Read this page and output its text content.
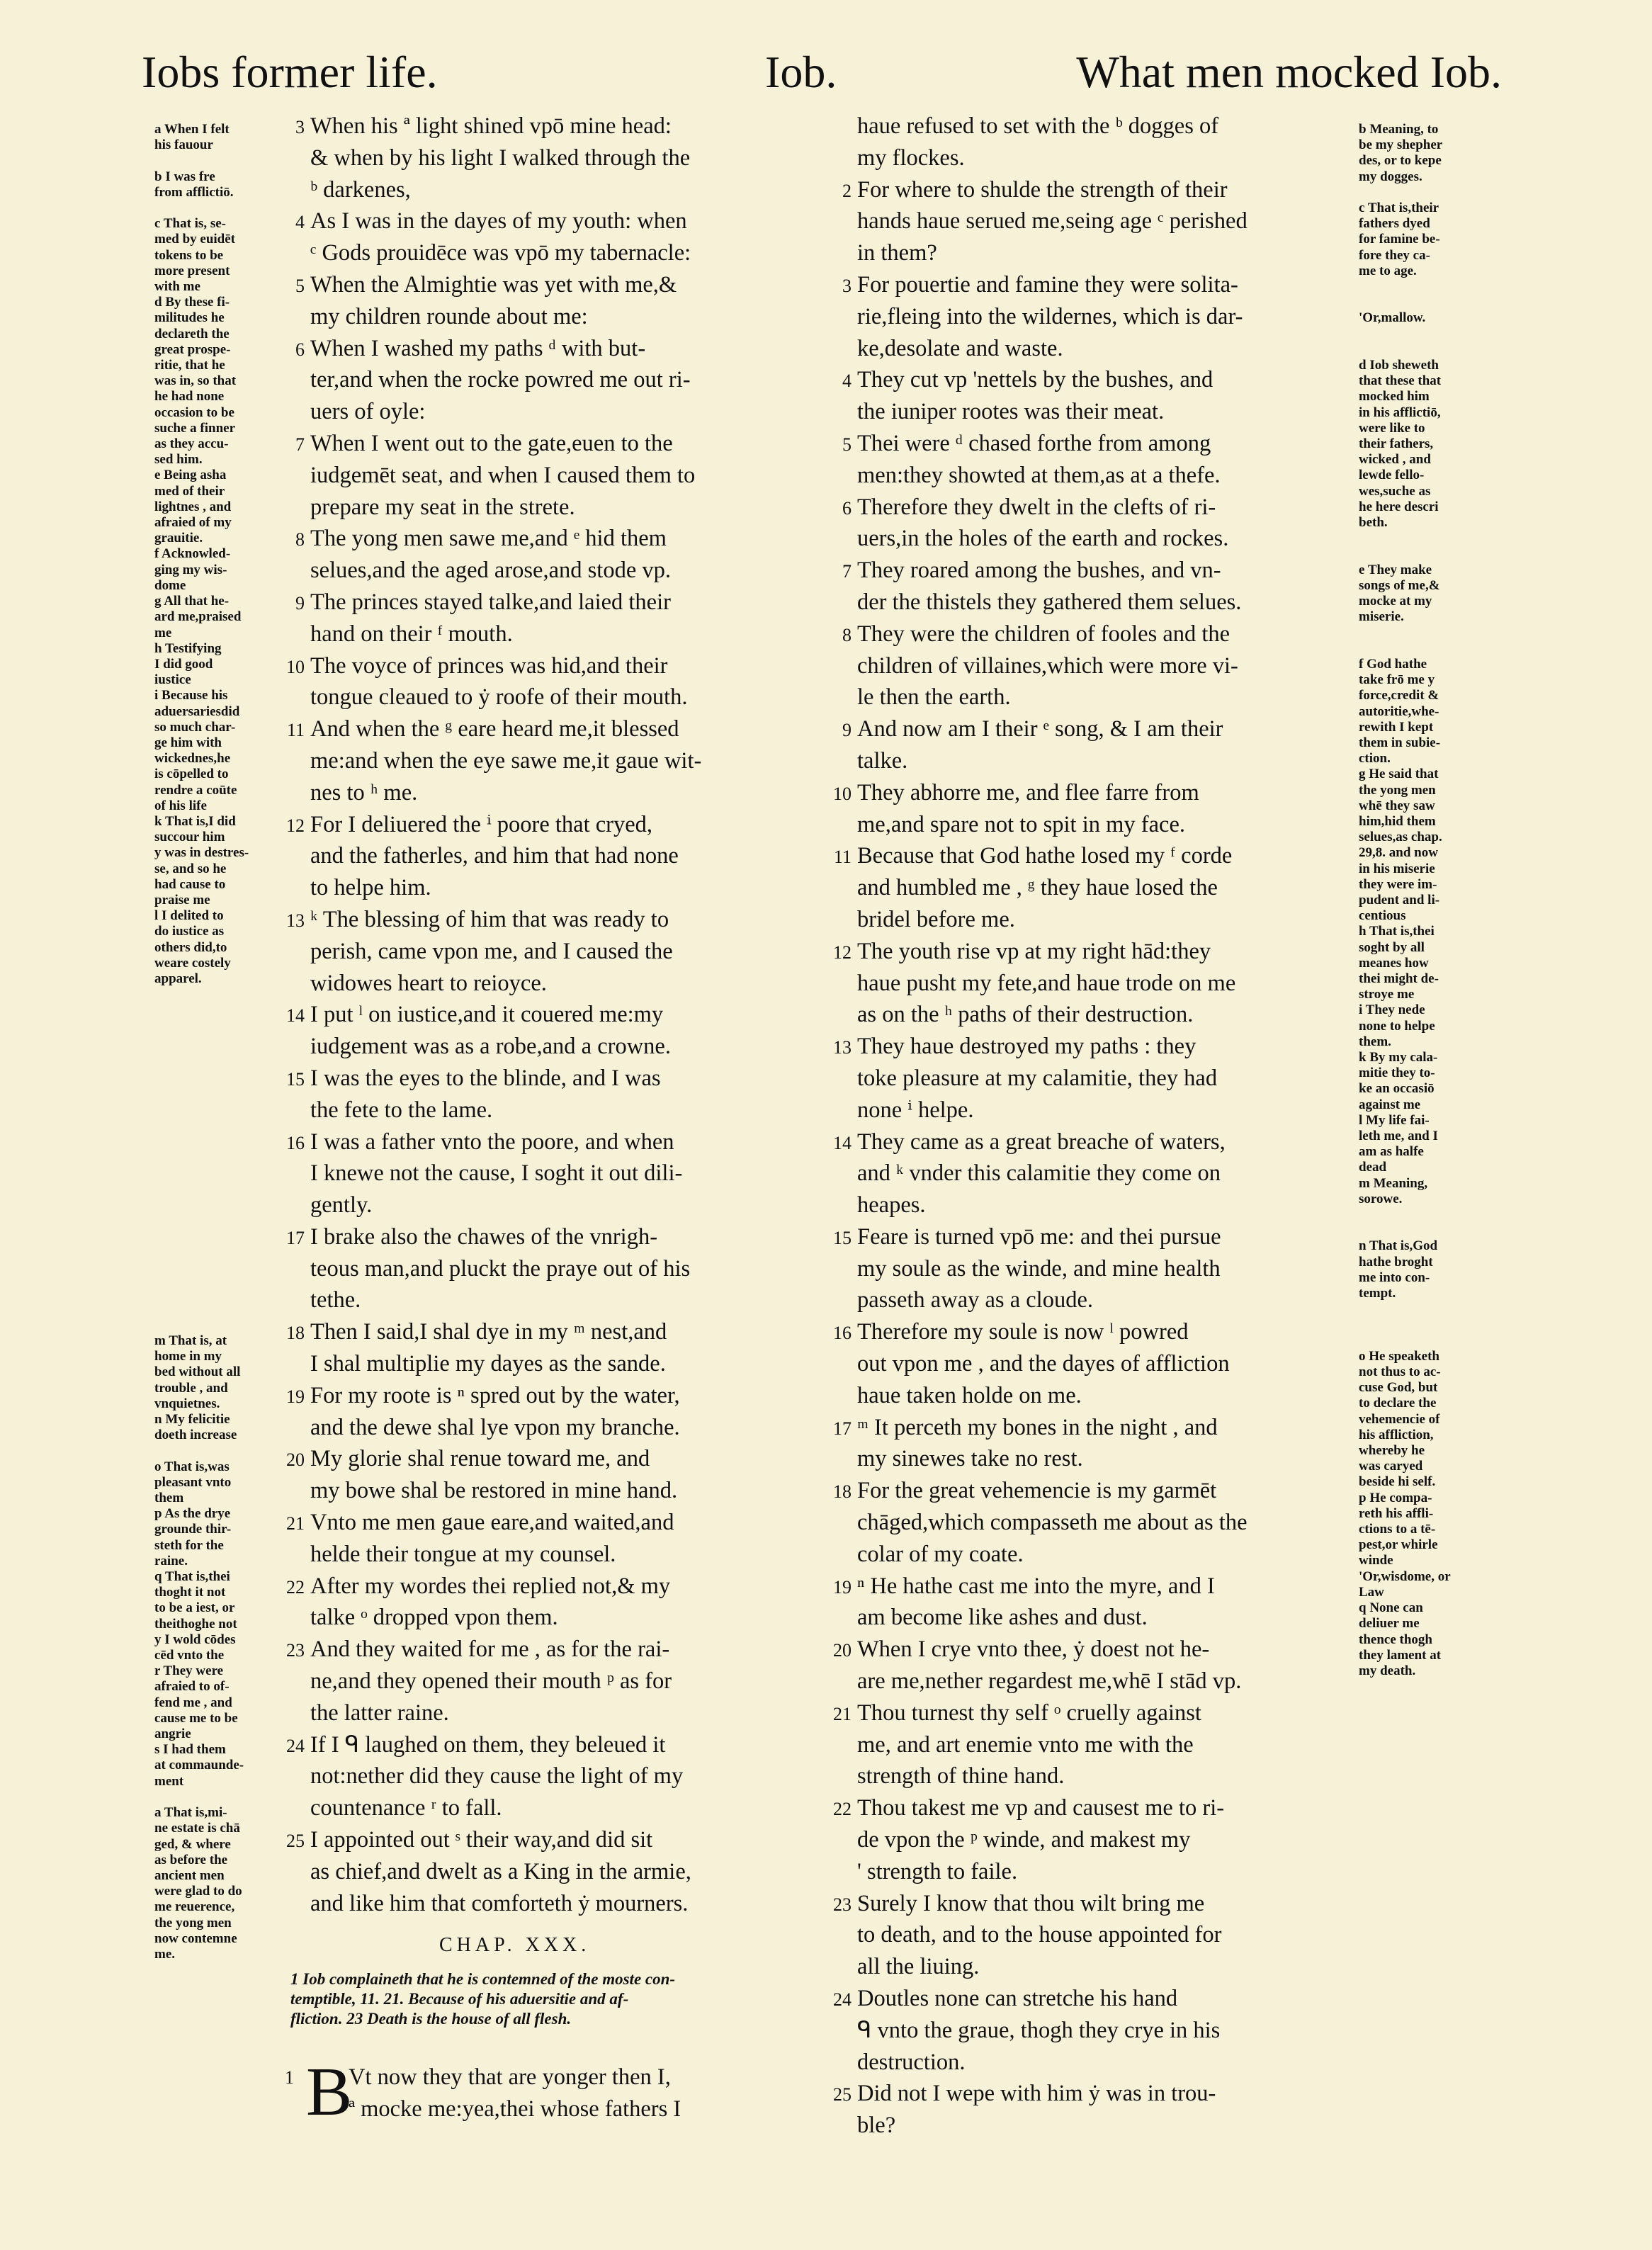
Iobs former life.	Iob.	What men mocked Iob.
a When I felt
his fauour

b I was fre
from afflictiō.

c That is, se-
med by euidēt
tokens to be
more present
with me
d By these fi-
militudes he
declareth the
great prospe-
ritie, that he
was in, so that
he had none
occasion to be
suche a finner
as they accu-
sed him.
e Being asha
med of their
lightnes , and
afraied of my
grauitie.
f Acknowled-
ging my wis-
dome
g All that he-
ard me,praised
me
h Testifying
I did good
iustice
i Because his
aduersariesdid
so much char-
ge him with
wickednes,he
is cōpelled to
rendre a coūte
of his life
k That is,I did
succour him
y was in destres-
se, and so he
had cause to
praise me
l I delited to
do iustice as
others did,to
weare costely
apparel.
m That is, at
home in my
bed without all
trouble , and
vnquietnes.
n My felicitie
doeth increase

o That is,was
pleasant vnto
them
p As the drye
grounde thir-
steth for the
raine.
q That is,thei
thoght it not
to be a iest, or
theithoghe not
y I wold cōdes
cēd vnto the
r They were
afraied to of-
fend me , and
cause me to be
angrie
s I had them
at commaunde-
ment

a That is,mi-
ne estate is chā
ged, & where
as before the
ancient men
were glad to do
me reuerence,
the yong men
now contemne
me.
3 When his ª light shined vpō mine head:
& when by his light I walked through the
ᵇ darkenes,
4 As I was in the dayes of my youth: when
ᶜ Gods prouidēce was vpō my tabernacle:
5 When the Almightie was yet with me,&
my children rounde about me:
6 When I washed my paths ᵈ with but-
ter,and when the rocke powred me out ri-
uers of oyle:
7 When I went out to the gate,euen to the
iudgemēt seat, and when I caused them to
prepare my seat in the strete.
8 The yong men sawe me,and ᵉ hid them
selues,and the aged arose,and stode vp.
9 The princes stayed talke,and laied their
hand on their ᶠ mouth.
10 The voyce of princes was hid,and their
tongue cleaued to ẏ roofe of their mouth.
11 And when the ᵍ eare heard me,it blessed
me:and when the eye sawe me,it gaue wit-
nes to ʰ me.
12 For I deliuered the ⁱ poore that cryed,
and the fatherles, and him that had none
to helpe him.
13 ᵏ The blessing of him that was ready to
perish, came vpon me, and I caused the
widowes heart to reioyce.
14 I put ˡ on iustice,and it couered me:my
iudgement was as a robe,and a crowne.
15 I was the eyes to the blinde, and I was
the fete to the lame.
16 I was a father vnto the poore, and when
I knewe not the cause, I soght it out dili-
gently.
17 I brake also the chawes of the vnrigh-
teous man,and pluckt the praye out of his
tethe.
18 Then I said,I shal dye in my ᵐ nest,and
I shal multiplie my dayes as the sande.
19 For my roote is ⁿ spred out by the water,
and the dewe shal lye vpon my branche.
20 My glorie shal renue toward me, and
my bowe shal be restored in mine hand.
21 Vnto me men gaue eare,and waited,and
helde their tongue at my counsel.
22 After my wordes thei replied not,& my
talke ᵒ dropped vpon them.
23 And they waited for me , as for the rai-
ne,and they opened their mouth ᵖ as for
the latter raine.
24 If I ᑫ laughed on them, they beleued it
not:nether did they cause the light of my
countenance ʳ to fall.
25 I appointed out ˢ their way,and did sit
as chief,and dwelt as a King in the armie,
and like him that comforteth ẏ mourners.
haue refused to set with the ᵇ dogges of
my flockes.
2 For where to shulde the strength of their
hands haue serued me,seing age ᶜ perished
in them?
3 For pouertie and famine they were solita-
rie,fleing into the wildernes, which is dar-
ke,desolate and waste.
4 They cut vp 'nettels by the bushes, and
the iuniper rootes was their meat.
5 Thei were ᵈ chased forthe from among
men:they showted at them,as at a thefe.
6 Therefore they dwelt in the clefts of ri-
uers,in the holes of the earth and rockes.
7 They roared among the bushes, and vn-
der the thistels they gathered them selues.
8 They were the children of fooles and the
children of villaines,which were more vi-
le then the earth.
9 And now am I their ᵉ song, & I am their
talke.
10 They abhorre me, and flee farre from
me,and spare not to spit in my face.
11 Because that God hathe losed my ᶠ corde
and humbled me , ᵍ they haue losed the
bridel before me.
12 The youth rise vp at my right hād:they
haue pusht my fete,and haue trode on me
as on the ʰ paths of their destruction.
13 They haue destroyed my paths : they
toke pleasure at my calamitie, they had
none ⁱ helpe.
14 They came as a great breache of waters,
and ᵏ vnder this calamitie they come on
heapes.
15 Feare is turned vpō me: and thei pursue
my soule as the winde, and mine health
passeth away as a cloude.
16 Therefore my soule is now ˡ powred
out vpon me , and the dayes of affliction
haue taken holde on me.
17 ᵐ It perceth my bones in the night , and
my sinewes take no rest.
18 For the great vehemencie is my garmēt
chāged,which compasseth me about as the
colar of my coate.
19 ⁿ He hathe cast me into the myre, and I
am become like ashes and dust.
20 When I crye vnto thee, ẏ doest not he-
are me,nether regardest me,whē I stād vp.
21 Thou turnest thy self ᵒ cruelly against
me, and art enemie vnto me with the
strength of thine hand.
22 Thou takest me vp and causest me to ri-
de vpon the ᵖ winde, and makest my
' strength to faile.
23 Surely I know that thou wilt bring me
to death, and to the house appointed for
all the liuing.
24 Doutles none can stretche his hand
ᑫ vnto the graue, thogh they crye in his
destruction.
25 Did not I wepe with him ẏ was in trou-
ble?
b Meaning, to
be my shepher
des, or to kepe
my dogges.

c That is,their
fathers dyed
for famine be-
fore they ca-
me to age.

'Or,mallow.

d Iob sheweth
that these that
mocked him
in his afflictiō,
were like to
their fathers,
wicked , and
lewde fello-
wes,suche as
he here descri
beth.

e They make
songs of me,&
mocke at my
miserie.

f God hathe
take frō me y
force,credit &
autoritie,whe-
rewith I kept
them in subie-
ction.
g He said that
the yong men
whē they saw
him,hid them
selues,as chap.
29,8. and now
in his miserie
they were im-
pudent and li-
centious
h That is,thei
soght by all
meanes how
thei might de-
stroye me
i They nede
none to helpe
them.
k By my cala-
mitie they to-
ke an occasiō
against me
l My life fai-
leth me, and I
am as halfe
dead
m Meaning,
sorowe.

n That is,God
hathe broght
me into con-
tempt.

o He speaketh
not thus to ac-
cuse God, but
to declare the
vehemencie of
his affliction,
whereby he
was caryed
beside hi self.
p He compa-
reth his affli-
ctions to a tē-
pest,or whirle
winde
'Or,wisdome, or
Law
q None can
deliuer me
thence thogh
they lament at
my death.
CHAP. XXX.
1 Iob complaineth that he is contemned of the moste con-
temptible, 11. 21. Because of his aduersitie and af-
fliction. 23 Death is the house of all flesh.
B
1 Vt now they that are yonger then I,
ª mocke me:yea,thei whose fathers I
